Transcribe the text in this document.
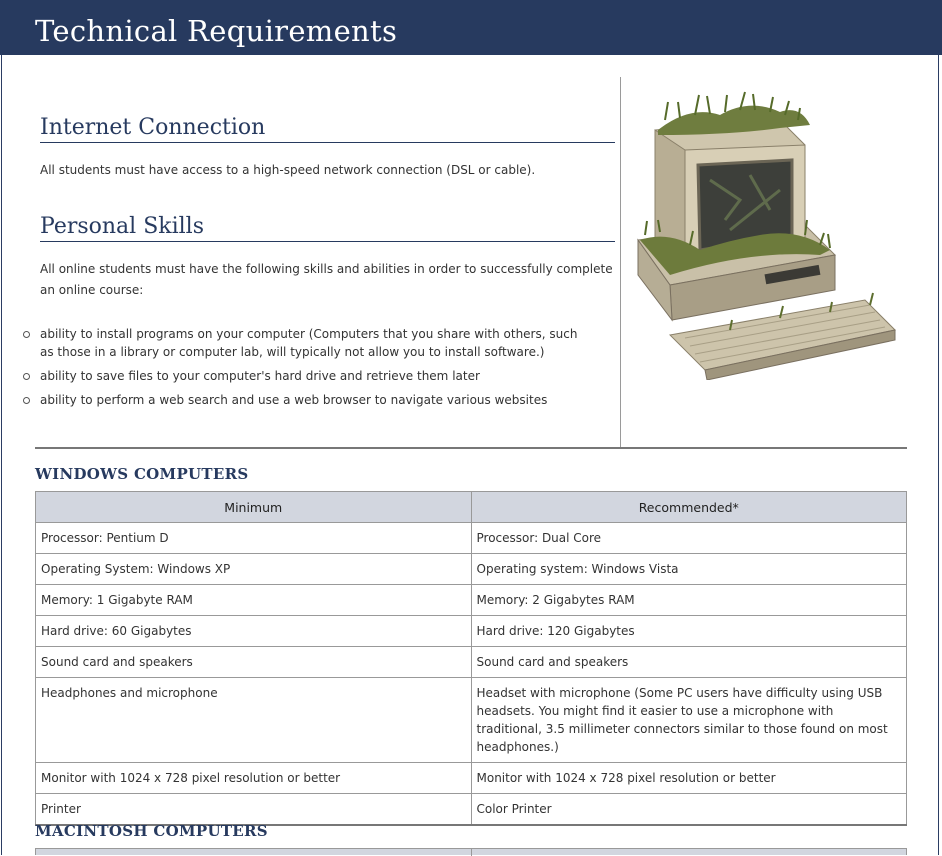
Technical Requirements
Internet Connection

All students must have access to a high-speed network connection (DSL or cable).

Personal Skills

All online students must have the following skills and abilities in order to successfully complete an online course:

ability to install programs on your computer (Computers that you share with others, such as those in a library or computer lab, will typically not allow you to install software.)
ability to save files to your computer's hard drive and retrieve them later
ability to perform a web search and use a web browser to navigate various websites
WINDOWS COMPUTERS
Minimum	Recommended*
Processor: Pentium D	Processor: Dual Core
Operating System: Windows XP	Operating system: Windows Vista
Memory: 1 Gigabyte RAM	Memory: 2 Gigabytes RAM
Hard drive: 60 Gigabytes	Hard drive: 120 Gigabytes
Sound card and speakers	Sound card and speakers
Headphones and microphone	Headset with microphone (Some PC users have difficulty using USB headsets. You might find it easier to use a microphone with traditional, 3.5 millimeter connectors similar to those found on most headphones.)
Monitor with 1024 x 728 pixel resolution or better	Monitor with 1024 x 728 pixel resolution or better
Printer	Color Printer
MACINTOSH COMPUTERS
